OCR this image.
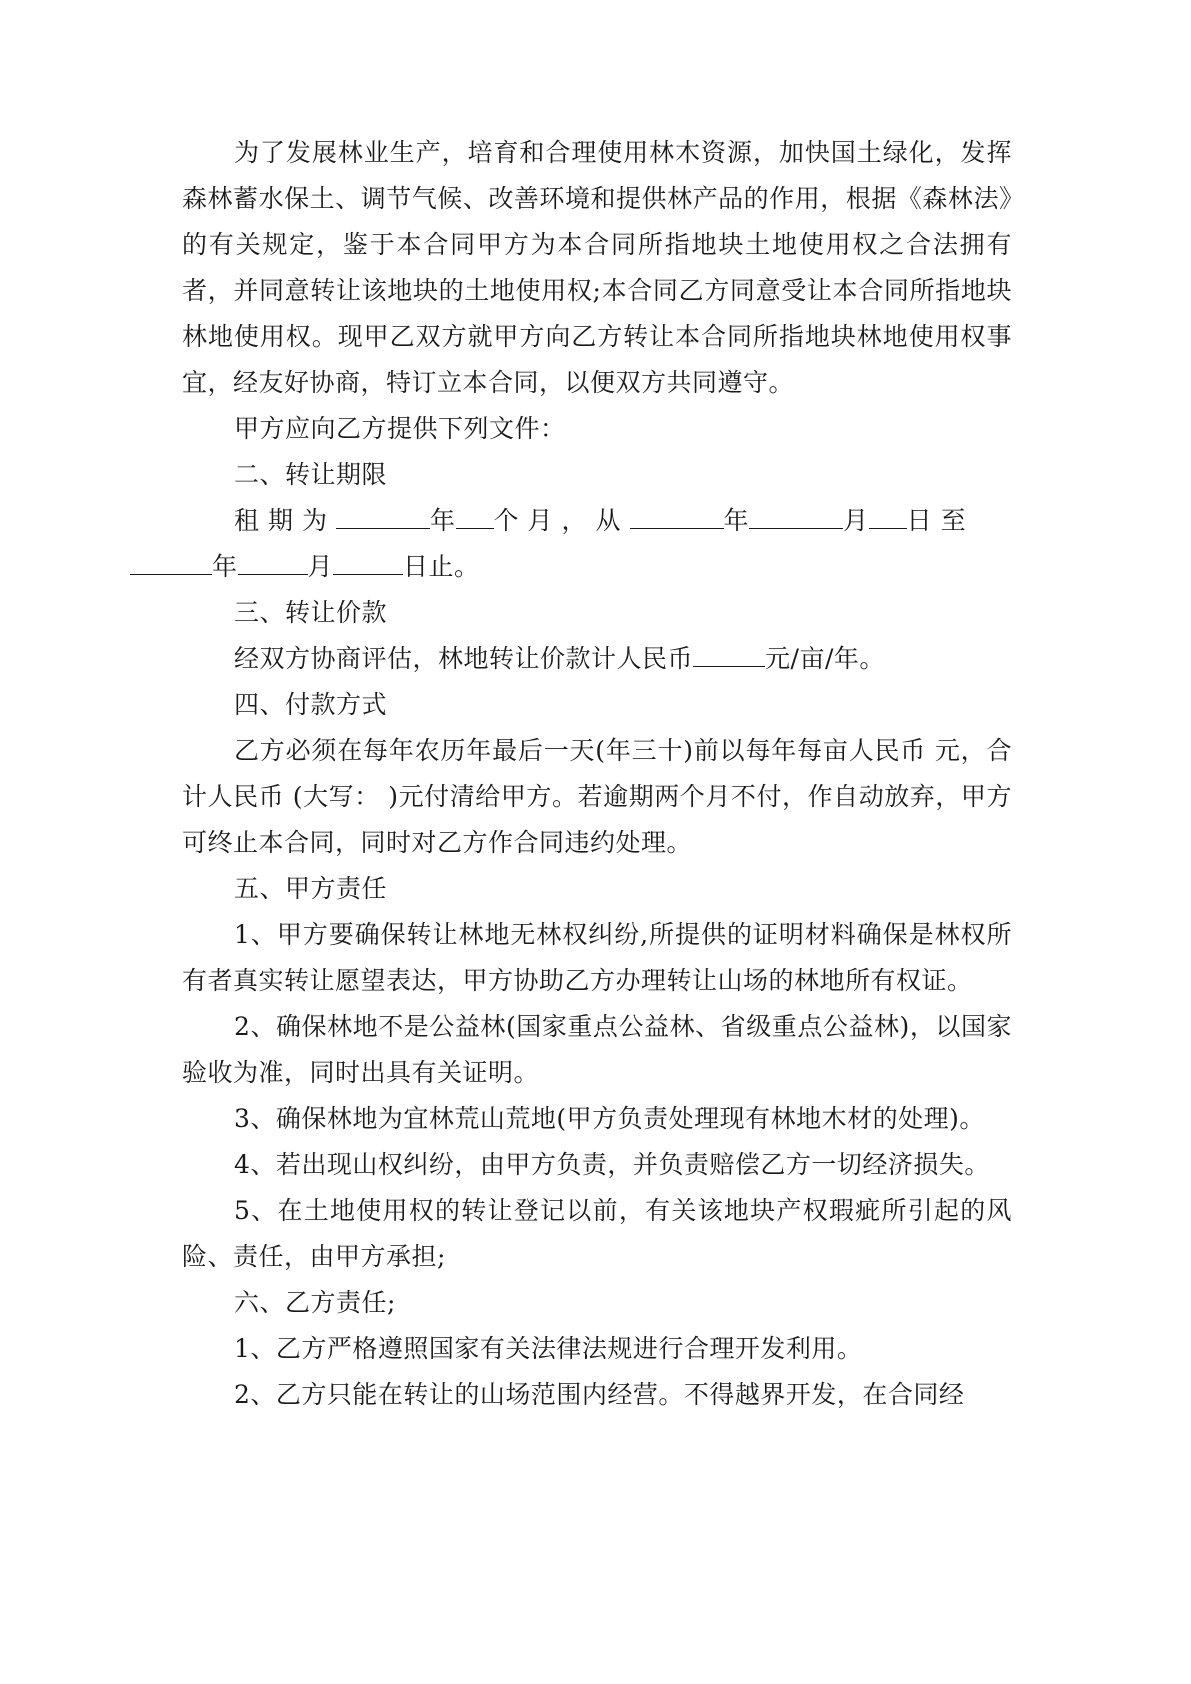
为了发展林业生产，培育和合理使用林木资源，加快国土绿化，发挥森林蓄水保土、调节气候、改善环境和提供林产品的作用，根据《森林法》的有关规定，鉴于本合同甲方为本合同所指地块土地使用权之合法拥有者，并同意转让该地块的土地使用权;本合同乙方同意受让本合同所指地块林地使用权。现甲乙双方就甲方向乙方转让本合同所指地块林地使用权事宜，经友好协商，特订立本合同，以便双方共同遵守。

甲方应向乙方提供下列文件：

二、转让期限

租期为	年 个月，从	年	月 日至
年	月	日止。

三、转让价款

经双方协商评估，林地转让价款计人民币	元/亩/年。

四、付款方式

乙方必须在每年农历年最后一天(年三十)前以每年每亩人民币 元，合计人民币 (大写： )元付清给甲方。若逾期两个月不付，作自动放弃，甲方可终止本合同，同时对乙方作合同违约处理。

五、甲方责任

1、甲方要确保转让林地无林权纠纷,所提供的证明材料确保是林权所有者真实转让愿望表达，甲方协助乙方办理转让山场的林地所有权证。

2、确保林地不是公益林(国家重点公益林、省级重点公益林)，以国家验收为准，同时出具有关证明。

3、确保林地为宜林荒山荒地(甲方负责处理现有林地木材的处理)。

4、若出现山权纠纷，由甲方负责，并负责赔偿乙方一切经济损失。

5、在土地使用权的转让登记以前，有关该地块产权瑕疵所引起的风险、责任，由甲方承担;

六、乙方责任;

1、乙方严格遵照国家有关法律法规进行合理开发利用。

2、乙方只能在转让的山场范围内经营。不得越界开发，在合同经
